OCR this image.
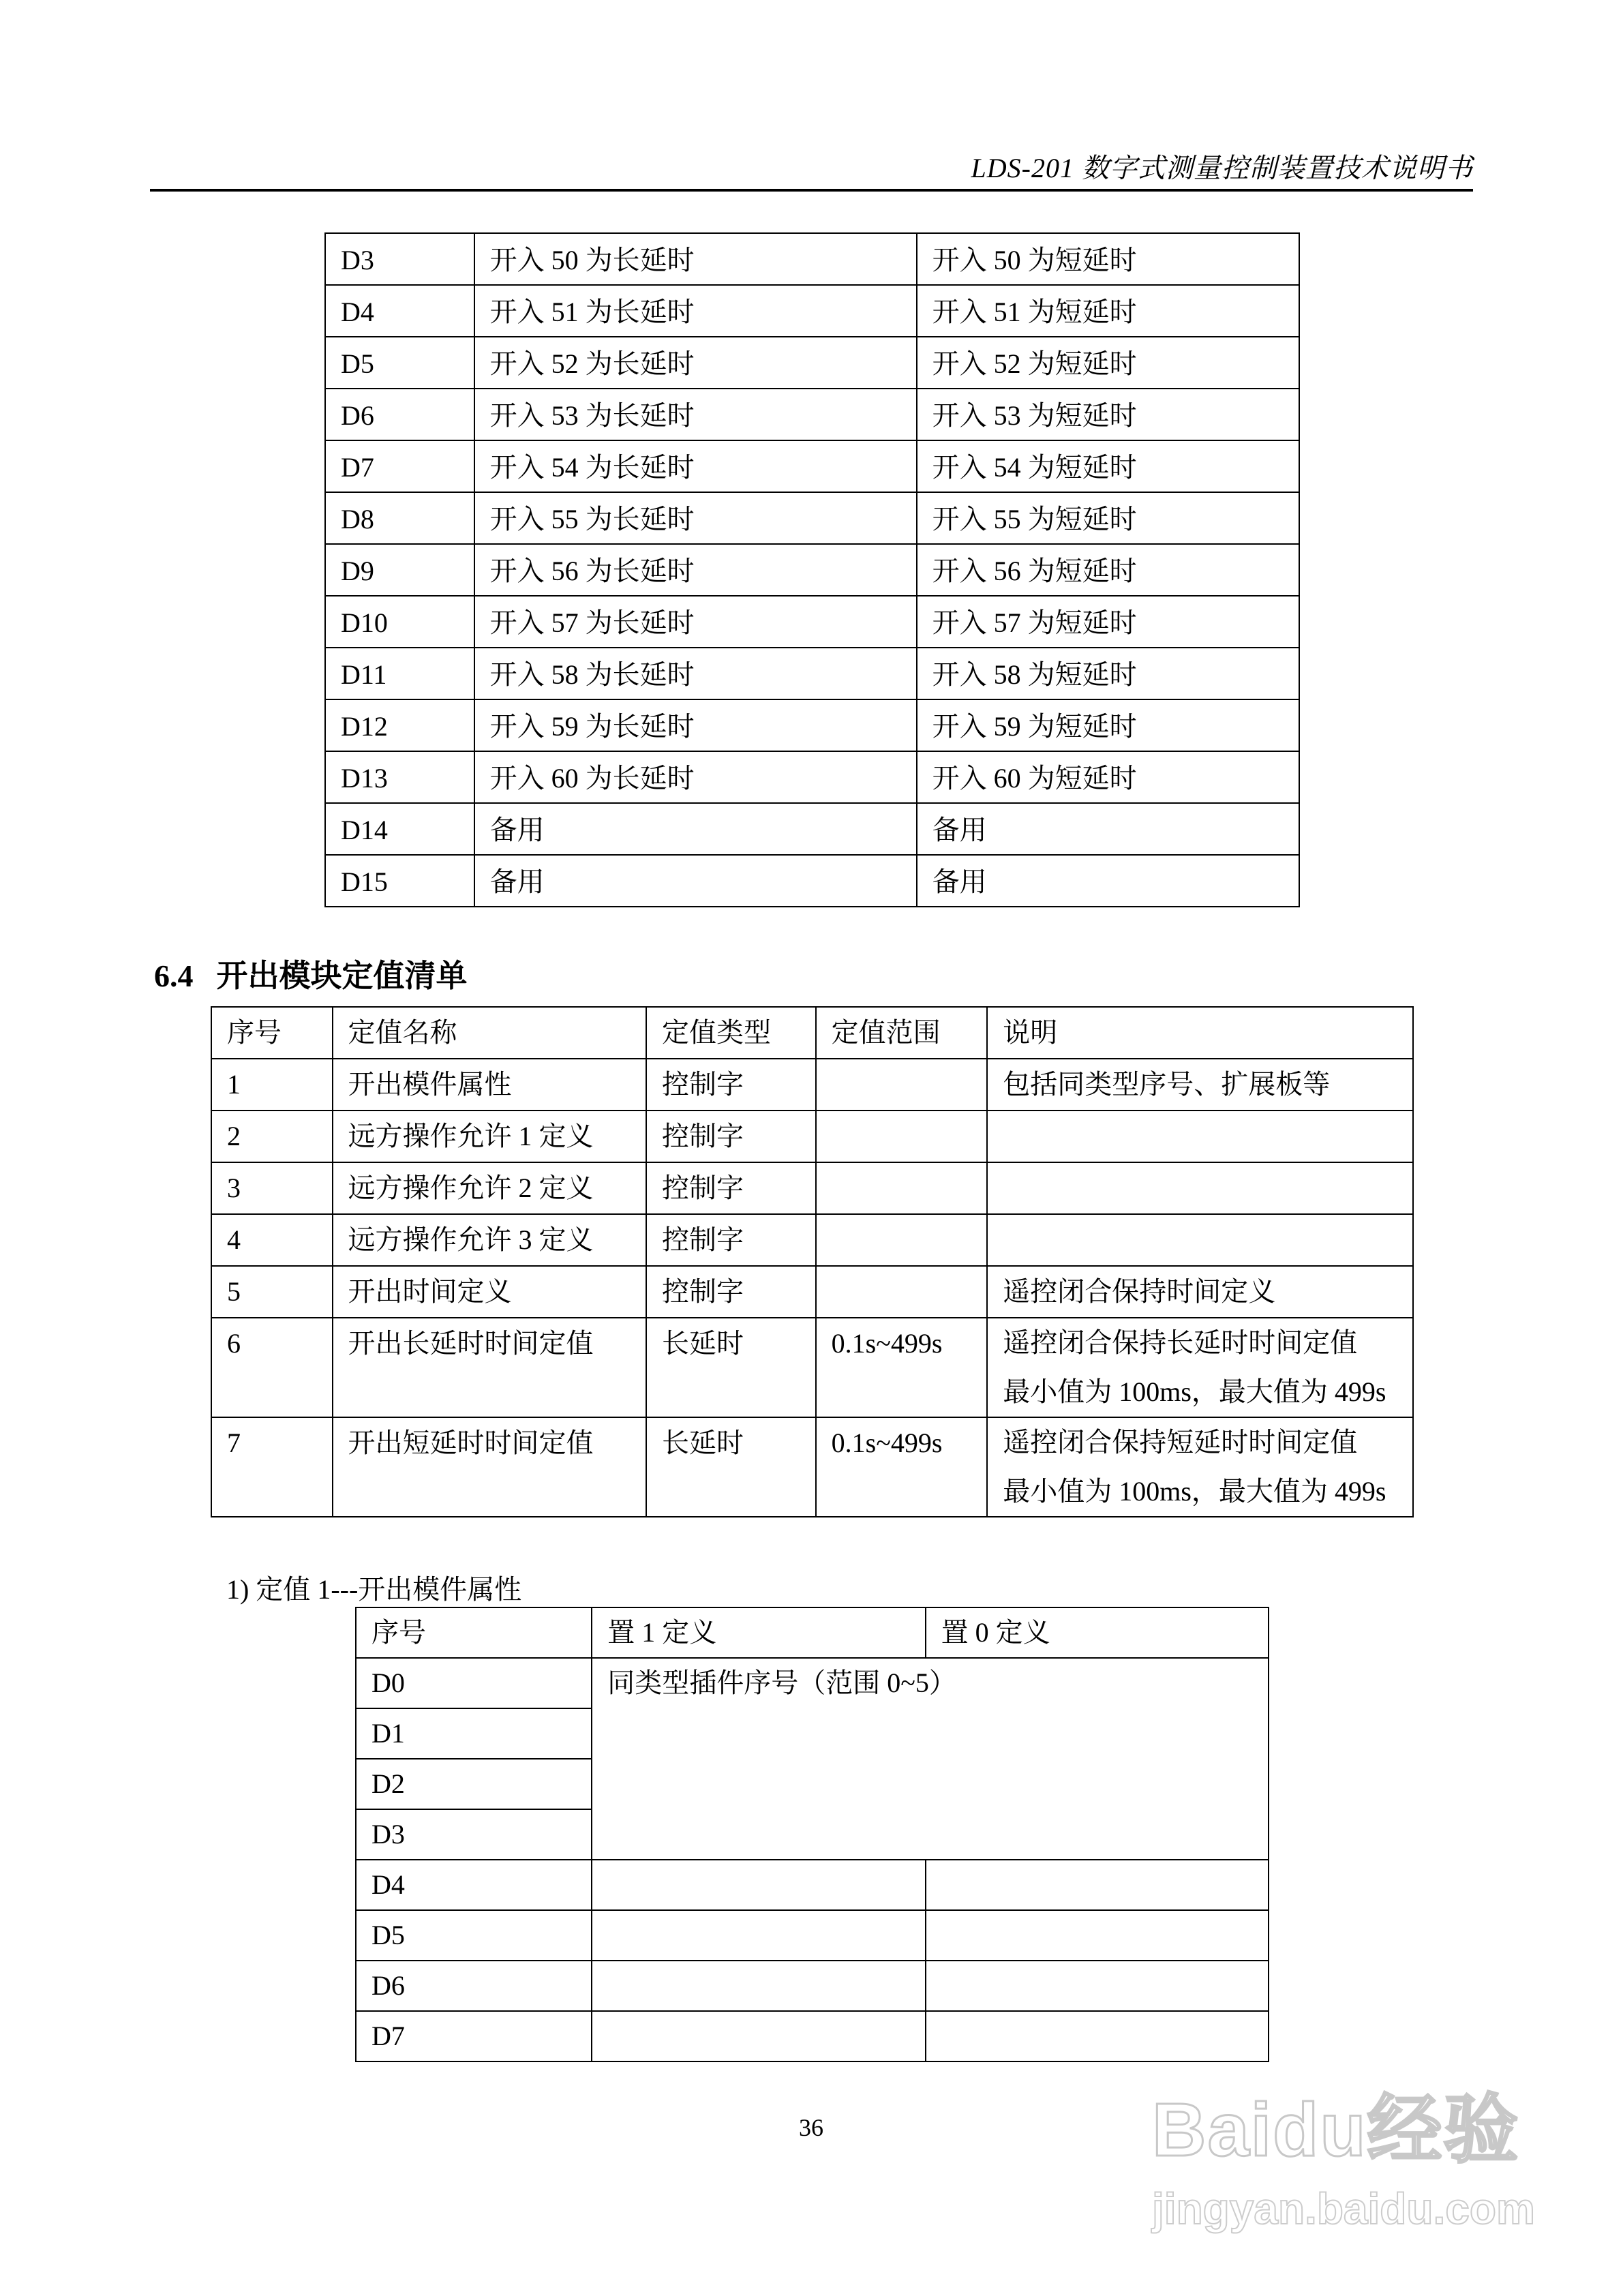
LDS-201 数字式测量控制装置技术说明书
D3	开入 50 为长延时	开入 50 为短延时
D4	开入 51 为长延时	开入 51 为短延时
D5	开入 52 为长延时	开入 52 为短延时
D6	开入 53 为长延时	开入 53 为短延时
D7	开入 54 为长延时	开入 54 为短延时
D8	开入 55 为长延时	开入 55 为短延时
D9	开入 56 为长延时	开入 56 为短延时
D10	开入 57 为长延时	开入 57 为短延时
D11	开入 58 为长延时	开入 58 为短延时
D12	开入 59 为长延时	开入 59 为短延时
D13	开入 60 为长延时	开入 60 为短延时
D14	备用	备用
D15	备用	备用
6.4 开出模块定值清单
序号	定值名称	定值类型	定值范围	说明
1	开出模件属性	控制字		包括同类型序号、扩展板等

2	远方操作允许 1 定义	控制字		

3	远方操作允许 2 定义	控制字		

4	远方操作允许 3 定义	控制字		

5	开出时间定义	控制字		遥控闭合保持时间定义

6	开出长延时时间定值	长延时	0.1s~499s	遥控闭合保持长延时时间定值
最小值为 100ms，最大值为 499s

7	开出短延时时间定值	长延时	0.1s~499s	遥控闭合保持短延时时间定值
最小值为 100ms，最大值为 499s
1) 定值 1---开出模件属性
序号	置 1 定义	置 0 定义
D0	同类型插件序号（范围 0~5）	
D1		
D2		
D3		
D4		
D5		
D6		
D7		
36	Baidu经验
jingyan.baidu.com
